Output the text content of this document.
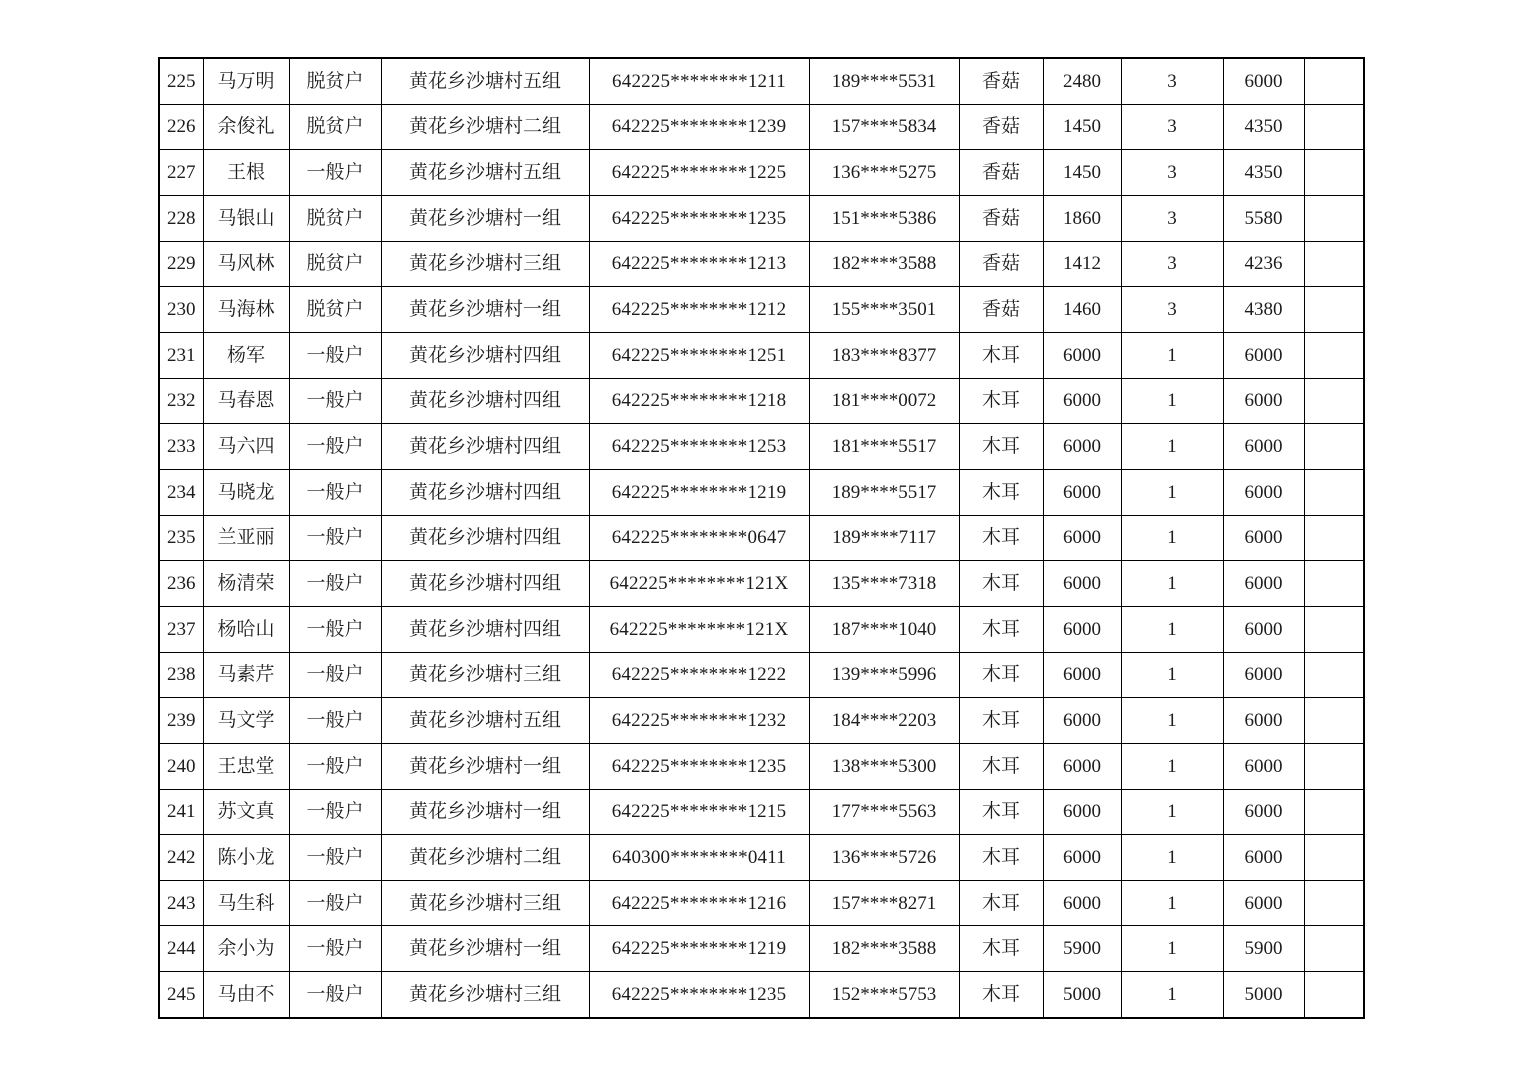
225	马万明	脱贫户	黄花乡沙塘村五组	642225********1211	189****5531	香菇	2480	3	6000	
226	余俊礼	脱贫户	黄花乡沙塘村二组	642225********1239	157****5834	香菇	1450	3	4350	
227	王根	一般户	黄花乡沙塘村五组	642225********1225	136****5275	香菇	1450	3	4350	
228	马银山	脱贫户	黄花乡沙塘村一组	642225********1235	151****5386	香菇	1860	3	5580	
229	马风林	脱贫户	黄花乡沙塘村三组	642225********1213	182****3588	香菇	1412	3	4236	
230	马海林	脱贫户	黄花乡沙塘村一组	642225********1212	155****3501	香菇	1460	3	4380	
231	杨军	一般户	黄花乡沙塘村四组	642225********1251	183****8377	木耳	6000	1	6000	
232	马春恩	一般户	黄花乡沙塘村四组	642225********1218	181****0072	木耳	6000	1	6000	
233	马六四	一般户	黄花乡沙塘村四组	642225********1253	181****5517	木耳	6000	1	6000	
234	马晓龙	一般户	黄花乡沙塘村四组	642225********1219	189****5517	木耳	6000	1	6000	
235	兰亚丽	一般户	黄花乡沙塘村四组	642225********0647	189****7117	木耳	6000	1	6000	
236	杨清荣	一般户	黄花乡沙塘村四组	642225********121X	135****7318	木耳	6000	1	6000	
237	杨哈山	一般户	黄花乡沙塘村四组	642225********121X	187****1040	木耳	6000	1	6000	
238	马素芹	一般户	黄花乡沙塘村三组	642225********1222	139****5996	木耳	6000	1	6000	
239	马文学	一般户	黄花乡沙塘村五组	642225********1232	184****2203	木耳	6000	1	6000	
240	王忠堂	一般户	黄花乡沙塘村一组	642225********1235	138****5300	木耳	6000	1	6000	
241	苏文真	一般户	黄花乡沙塘村一组	642225********1215	177****5563	木耳	6000	1	6000	
242	陈小龙	一般户	黄花乡沙塘村二组	640300********0411	136****5726	木耳	6000	1	6000	
243	马生科	一般户	黄花乡沙塘村三组	642225********1216	157****8271	木耳	6000	1	6000	
244	余小为	一般户	黄花乡沙塘村一组	642225********1219	182****3588	木耳	5900	1	5900	
245	马由不	一般户	黄花乡沙塘村三组	642225********1235	152****5753	木耳	5000	1	5000	
